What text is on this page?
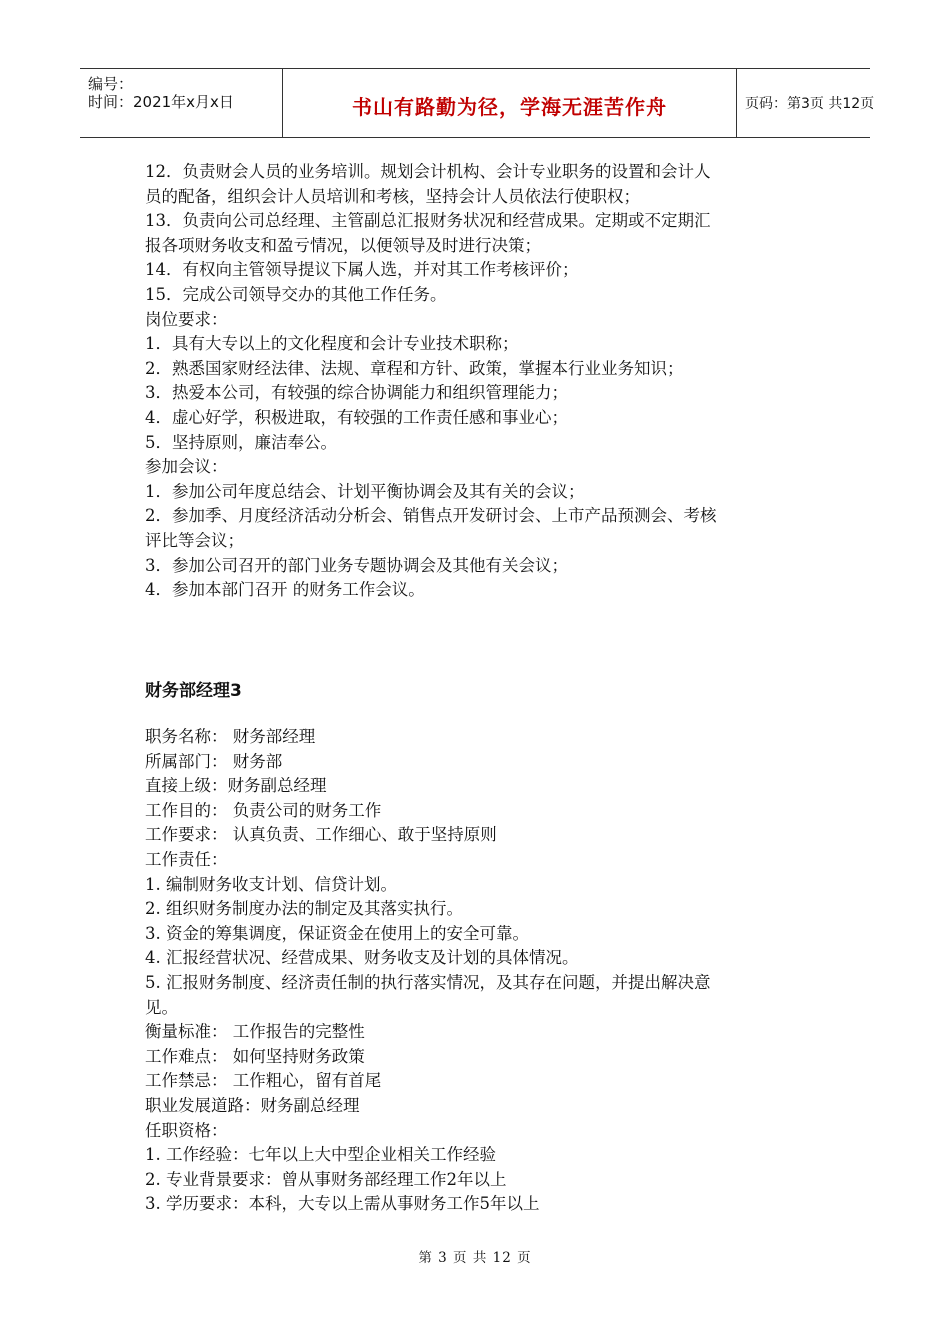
编号：
时间：2021年x月x日	书山有路勤为径，学海无涯苦作舟	页码：第3页 共12页
12．负责财会人员的业务培训。规划会计机构、会计专业职务的设置和会计人
员的配备，组织会计人员培训和考核，坚持会计人员依法行使职权；
13．负责向公司总经理、主管副总汇报财务状况和经营成果。定期或不定期汇
报各项财务收支和盈亏情况，以便领导及时进行决策；
14．有权向主管领导提议下属人选，并对其工作考核评价；
15．完成公司领导交办的其他工作任务。
岗位要求：
1．具有大专以上的文化程度和会计专业技术职称；
2．熟悉国家财经法律、法规、章程和方针、政策，掌握本行业业务知识；
3．热爱本公司，有较强的综合协调能力和组织管理能力；
4．虚心好学，积极进取，有较强的工作责任感和事业心；
5．坚持原则，廉洁奉公。
参加会议：
1．参加公司年度总结会、计划平衡协调会及其有关的会议；
2．参加季、月度经济活动分析会、销售点开发研讨会、上市产品预测会、考核
评比等会议；
3．参加公司召开的部门业务专题协调会及其他有关会议；
4．参加本部门召开 的财务工作会议。
财务部经理3
职务名称： 财务部经理
所属部门： 财务部
直接上级：财务副总经理
工作目的： 负责公司的财务工作
工作要求： 认真负责、工作细心、敢于坚持原则
工作责任：
1. 编制财务收支计划、信贷计划。
2. 组织财务制度办法的制定及其落实执行。
3. 资金的筹集调度，保证资金在使用上的安全可靠。
4. 汇报经营状况、经营成果、财务收支及计划的具体情况。
5. 汇报财务制度、经济责任制的执行落实情况，及其存在问题，并提出解决意
见。
衡量标准： 工作报告的完整性
工作难点： 如何坚持财务政策
工作禁忌： 工作粗心，留有首尾
职业发展道路：财务副总经理
任职资格：
1. 工作经验：七年以上大中型企业相关工作经验
2. 专业背景要求：曾从事财务部经理工作2年以上
3. 学历要求：本科，大专以上需从事财务工作5年以上
第 3 页 共 12 页
